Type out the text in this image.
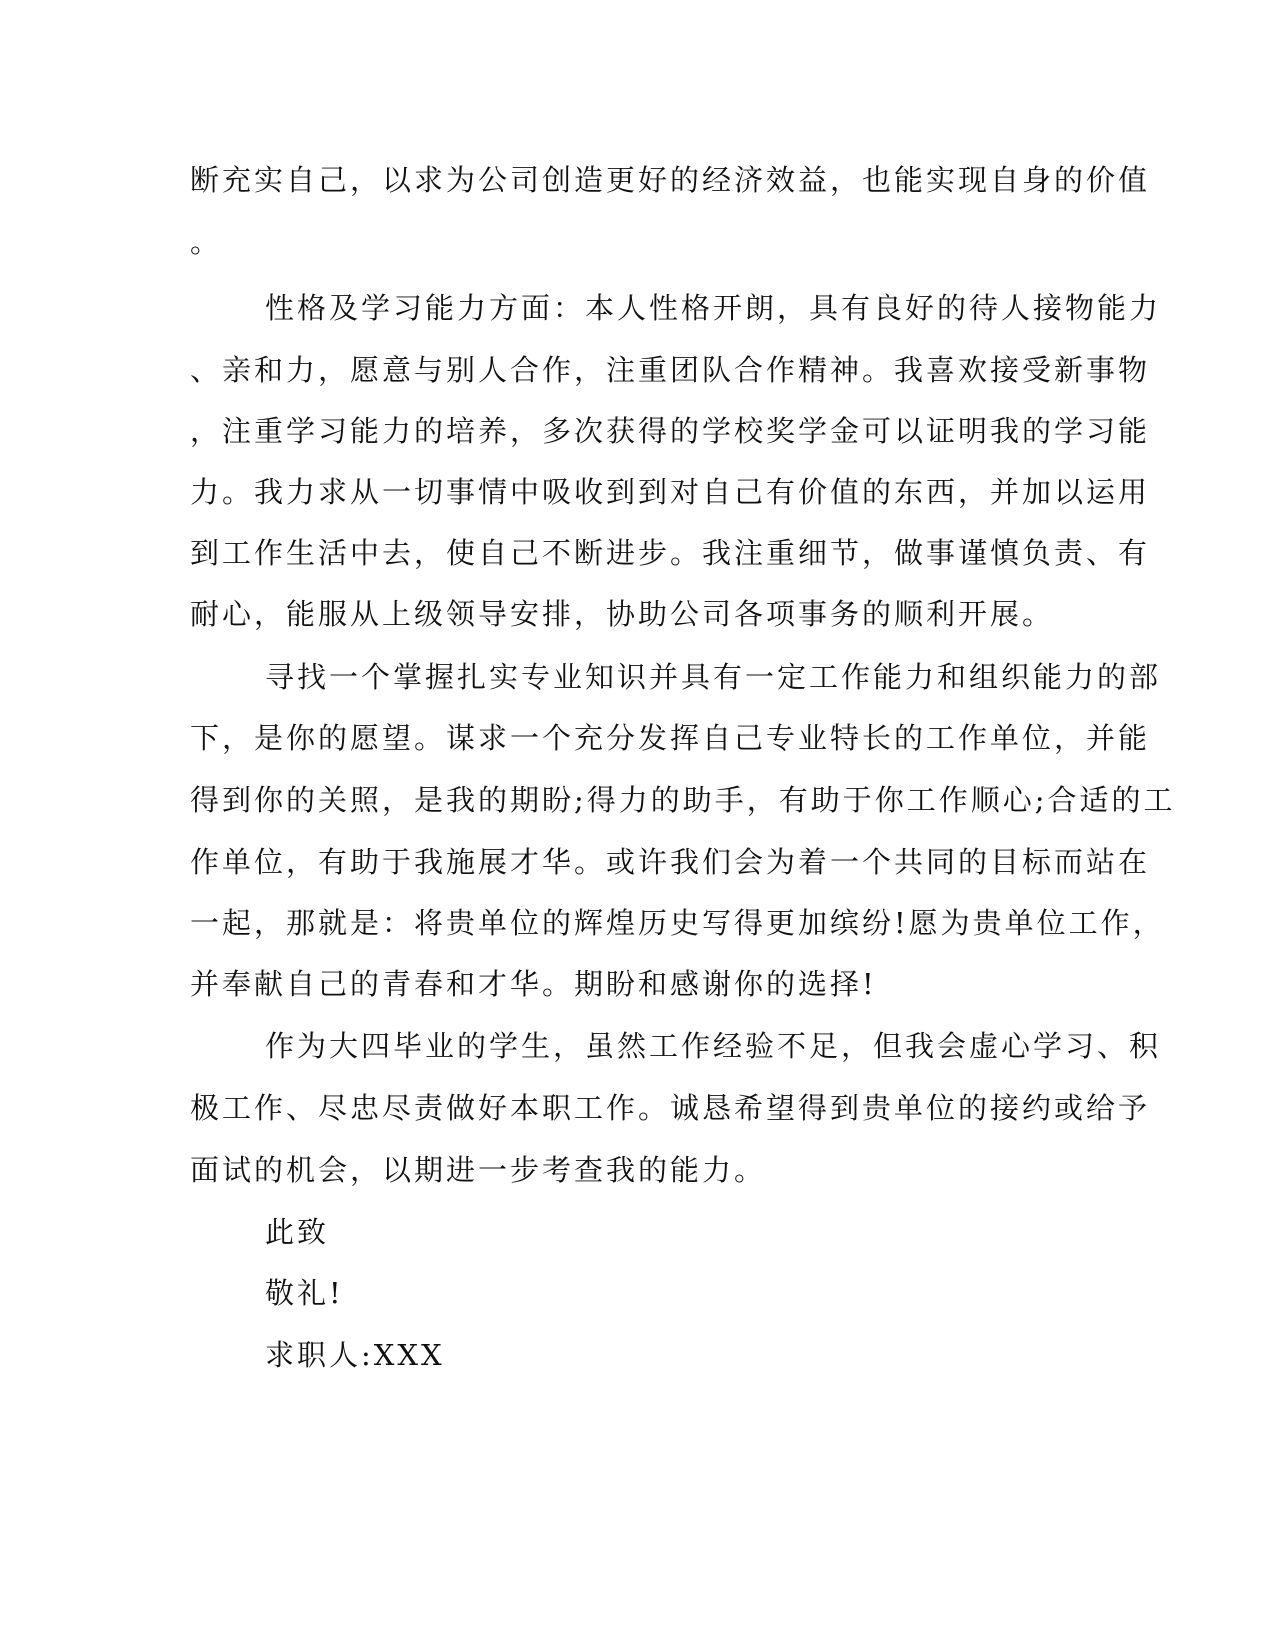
断充实自己，以求为公司创造更好的经济效益，也能实现自身的价值
。
性格及学习能力方面：本人性格开朗，具有良好的待人接物能力
、亲和力，愿意与别人合作，注重团队合作精神。我喜欢接受新事物
，注重学习能力的培养，多次获得的学校奖学金可以证明我的学习能
力。我力求从一切事情中吸收到到对自己有价值的东西，并加以运用
到工作生活中去，使自己不断进步。我注重细节，做事谨慎负责、有
耐心，能服从上级领导安排，协助公司各项事务的顺利开展。
寻找一个掌握扎实专业知识并具有一定工作能力和组织能力的部
下，是你的愿望。谋求一个充分发挥自己专业特长的工作单位，并能
得到你的关照，是我的期盼;得力的助手，有助于你工作顺心;合适的工
作单位，有助于我施展才华。或许我们会为着一个共同的目标而站在
一起，那就是：将贵单位的辉煌历史写得更加缤纷!愿为贵单位工作，
并奉献自己的青春和才华。期盼和感谢你的选择!
作为大四毕业的学生，虽然工作经验不足，但我会虚心学习、积
极工作、尽忠尽责做好本职工作。诚恳希望得到贵单位的接约或给予
面试的机会，以期进一步考查我的能力。
此致
敬礼!
求职人:XXX
